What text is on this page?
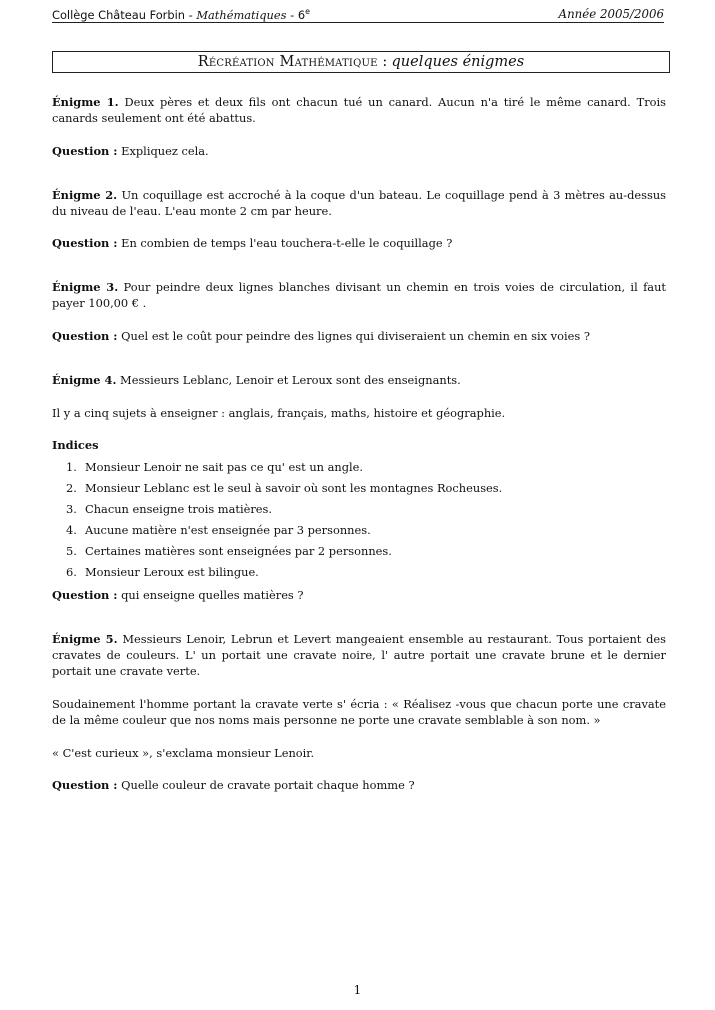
Collège Château Forbin - Mathématiques - 6e	Année 2005/2006
Récréation Mathématique : quelques énigmes

Énigme 1. Deux pères et deux fils ont chacun tué un canard. Aucun n'a tiré le même canard. Trois canards seulement ont été abattus.

Question : Expliquez cela.

Énigme 2. Un coquillage est accroché à la coque d'un bateau. Le coquillage pend à 3 mètres au-dessus du niveau de l'eau. L'eau monte 2 cm par heure.

Question : En combien de temps l'eau touchera-t-elle le coquillage ?

Énigme 3. Pour peindre deux lignes blanches divisant un chemin en trois voies de circulation, il faut payer 100,00 € .

Question : Quel est le coût pour peindre des lignes qui diviseraient un chemin en six voies ?

Énigme 4. Messieurs Leblanc, Lenoir et Leroux sont des enseignants.

Il y a cinq sujets à enseigner : anglais, français, maths, histoire et géographie.

Indices

1. Monsieur Lenoir ne sait pas ce qu' est un angle.
2. Monsieur Leblanc est le seul à savoir où sont les montagnes Rocheuses.
3. Chacun enseigne trois matières.
4. Aucune matière n'est enseignée par 3 personnes.
5. Certaines matières sont enseignées par 2 personnes.
6. Monsieur Leroux est bilingue.

Question : qui enseigne quelles matières ?

Énigme 5. Messieurs Lenoir, Lebrun et Levert mangeaient ensemble au restaurant. Tous portaient des cravates de couleurs. L' un portait une cravate noire, l' autre portait une cravate brune et le dernier portait une cravate verte.

Soudainement l'homme portant la cravate verte s' écria : « Réalisez -vous que chacun porte une cravate de la même couleur que nos noms mais personne ne porte une cravate semblable à son nom. »

« C'est curieux », s'exclama monsieur Lenoir.

Question : Quelle couleur de cravate portait chaque homme ?

1
